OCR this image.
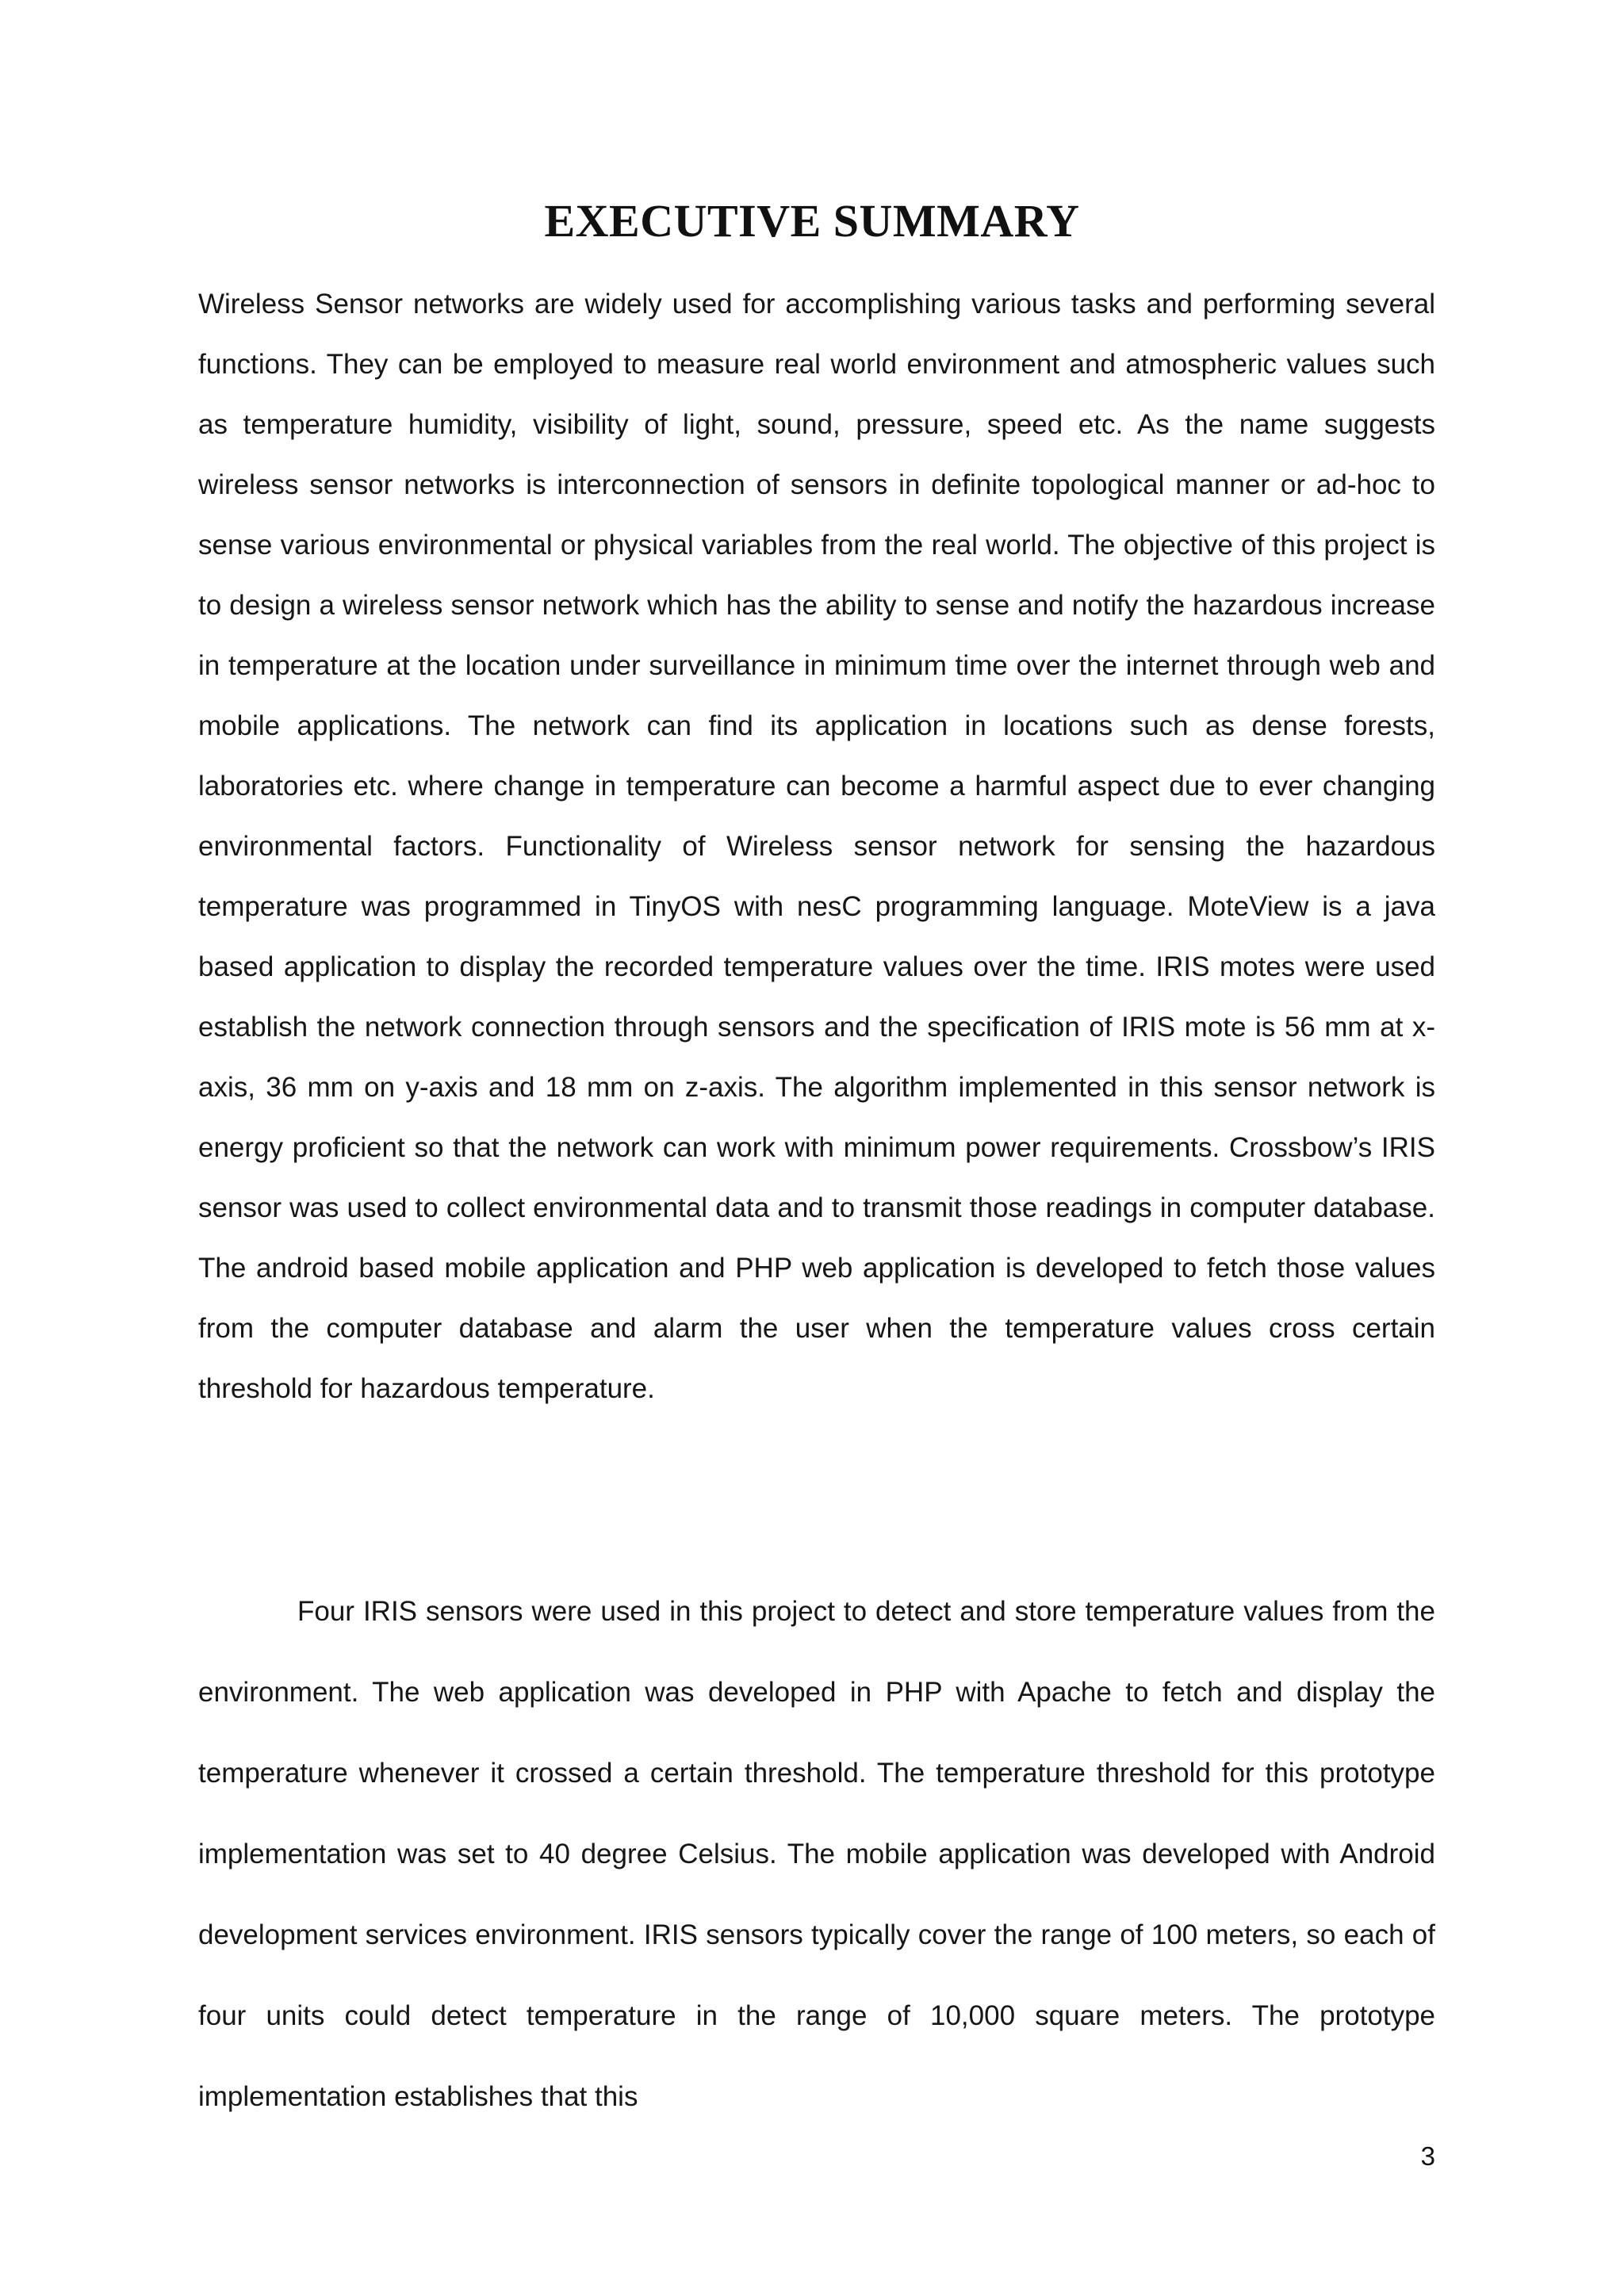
EXECUTIVE SUMMARY

Wireless Sensor networks are widely used for accomplishing various tasks and performing several functions. They can be employed to measure real world environment and atmospheric values such as temperature humidity, visibility of light, sound, pressure, speed etc. As the name suggests wireless sensor networks is interconnection of sensors in definite topological manner or ad-hoc to sense various environmental or physical variables from the real world. The objective of this project is to design a wireless sensor network which has the ability to sense and notify the hazardous increase in temperature at the location under surveillance in minimum time over the internet through web and mobile applications. The network can find its application in locations such as dense forests, laboratories etc. where change in temperature can become a harmful aspect due to ever changing environmental factors. Functionality of Wireless sensor network for sensing the hazardous temperature was programmed in TinyOS with nesC programming language. MoteView is a java based application to display the recorded temperature values over the time. IRIS motes were used establish the network connection through sensors and the specification of IRIS mote is 56 mm at x-axis, 36 mm on y-axis and 18 mm on z-axis. The algorithm implemented in this sensor network is energy proficient so that the network can work with minimum power requirements. Crossbow’s IRIS sensor was used to collect environmental data and to transmit those readings in computer database. The android based mobile application and PHP web application is developed to fetch those values from the computer database and alarm the user when the temperature values cross certain threshold for hazardous temperature.

Four IRIS sensors were used in this project to detect and store temperature values from the environment. The web application was developed in PHP with Apache to fetch and display the temperature whenever it crossed a certain threshold. The temperature threshold for this prototype implementation was set to 40 degree Celsius. The mobile application was developed with Android development services environment. IRIS sensors typically cover the range of 100 meters, so each of four units could detect temperature in the range of 10,000 square meters. The prototype implementation establishes that this

3
